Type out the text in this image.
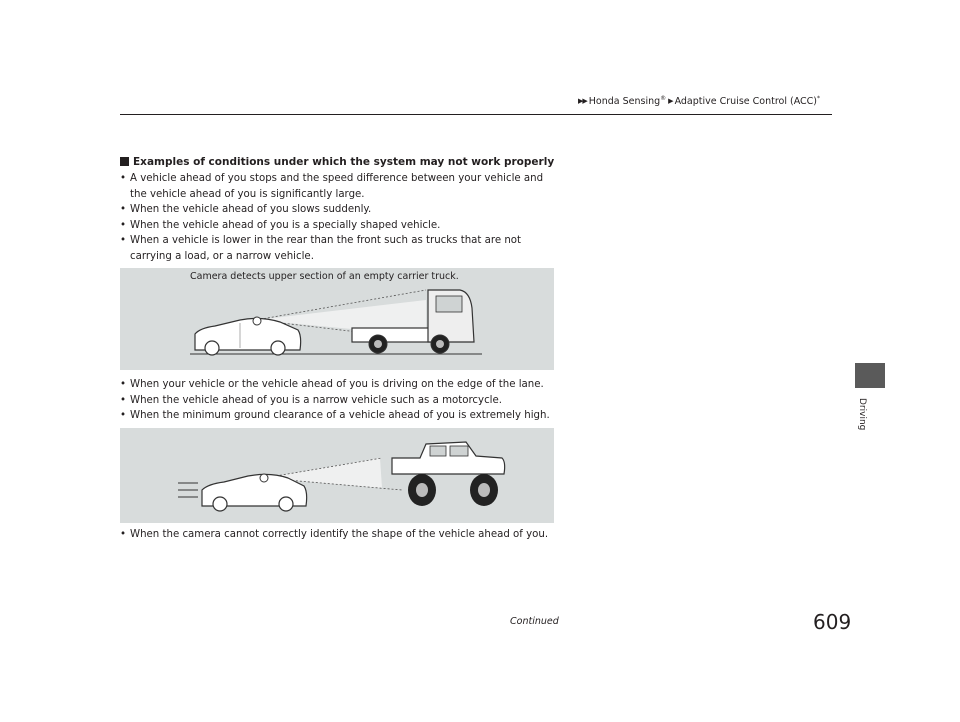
▶▶ Honda Sensing® ▶ Adaptive Cruise Control (ACC)*
Driving
Examples of conditions under which the system may not work properly
• A vehicle ahead of you stops and the speed difference between your vehicle and
the vehicle ahead of you is significantly large.
• When the vehicle ahead of you slows suddenly.
• When the vehicle ahead of you is a specially shaped vehicle.
• When a vehicle is lower in the rear than the front such as trucks that are not
carrying a load, or a narrow vehicle.
Camera detects upper section of an empty carrier truck.
• When your vehicle or the vehicle ahead of you is driving on the edge of the lane.
• When the vehicle ahead of you is a narrow vehicle such as a motorcycle.
• When the minimum ground clearance of a vehicle ahead of you is extremely high.
• When the camera cannot correctly identify the shape of the vehicle ahead of you.
Continued	609
